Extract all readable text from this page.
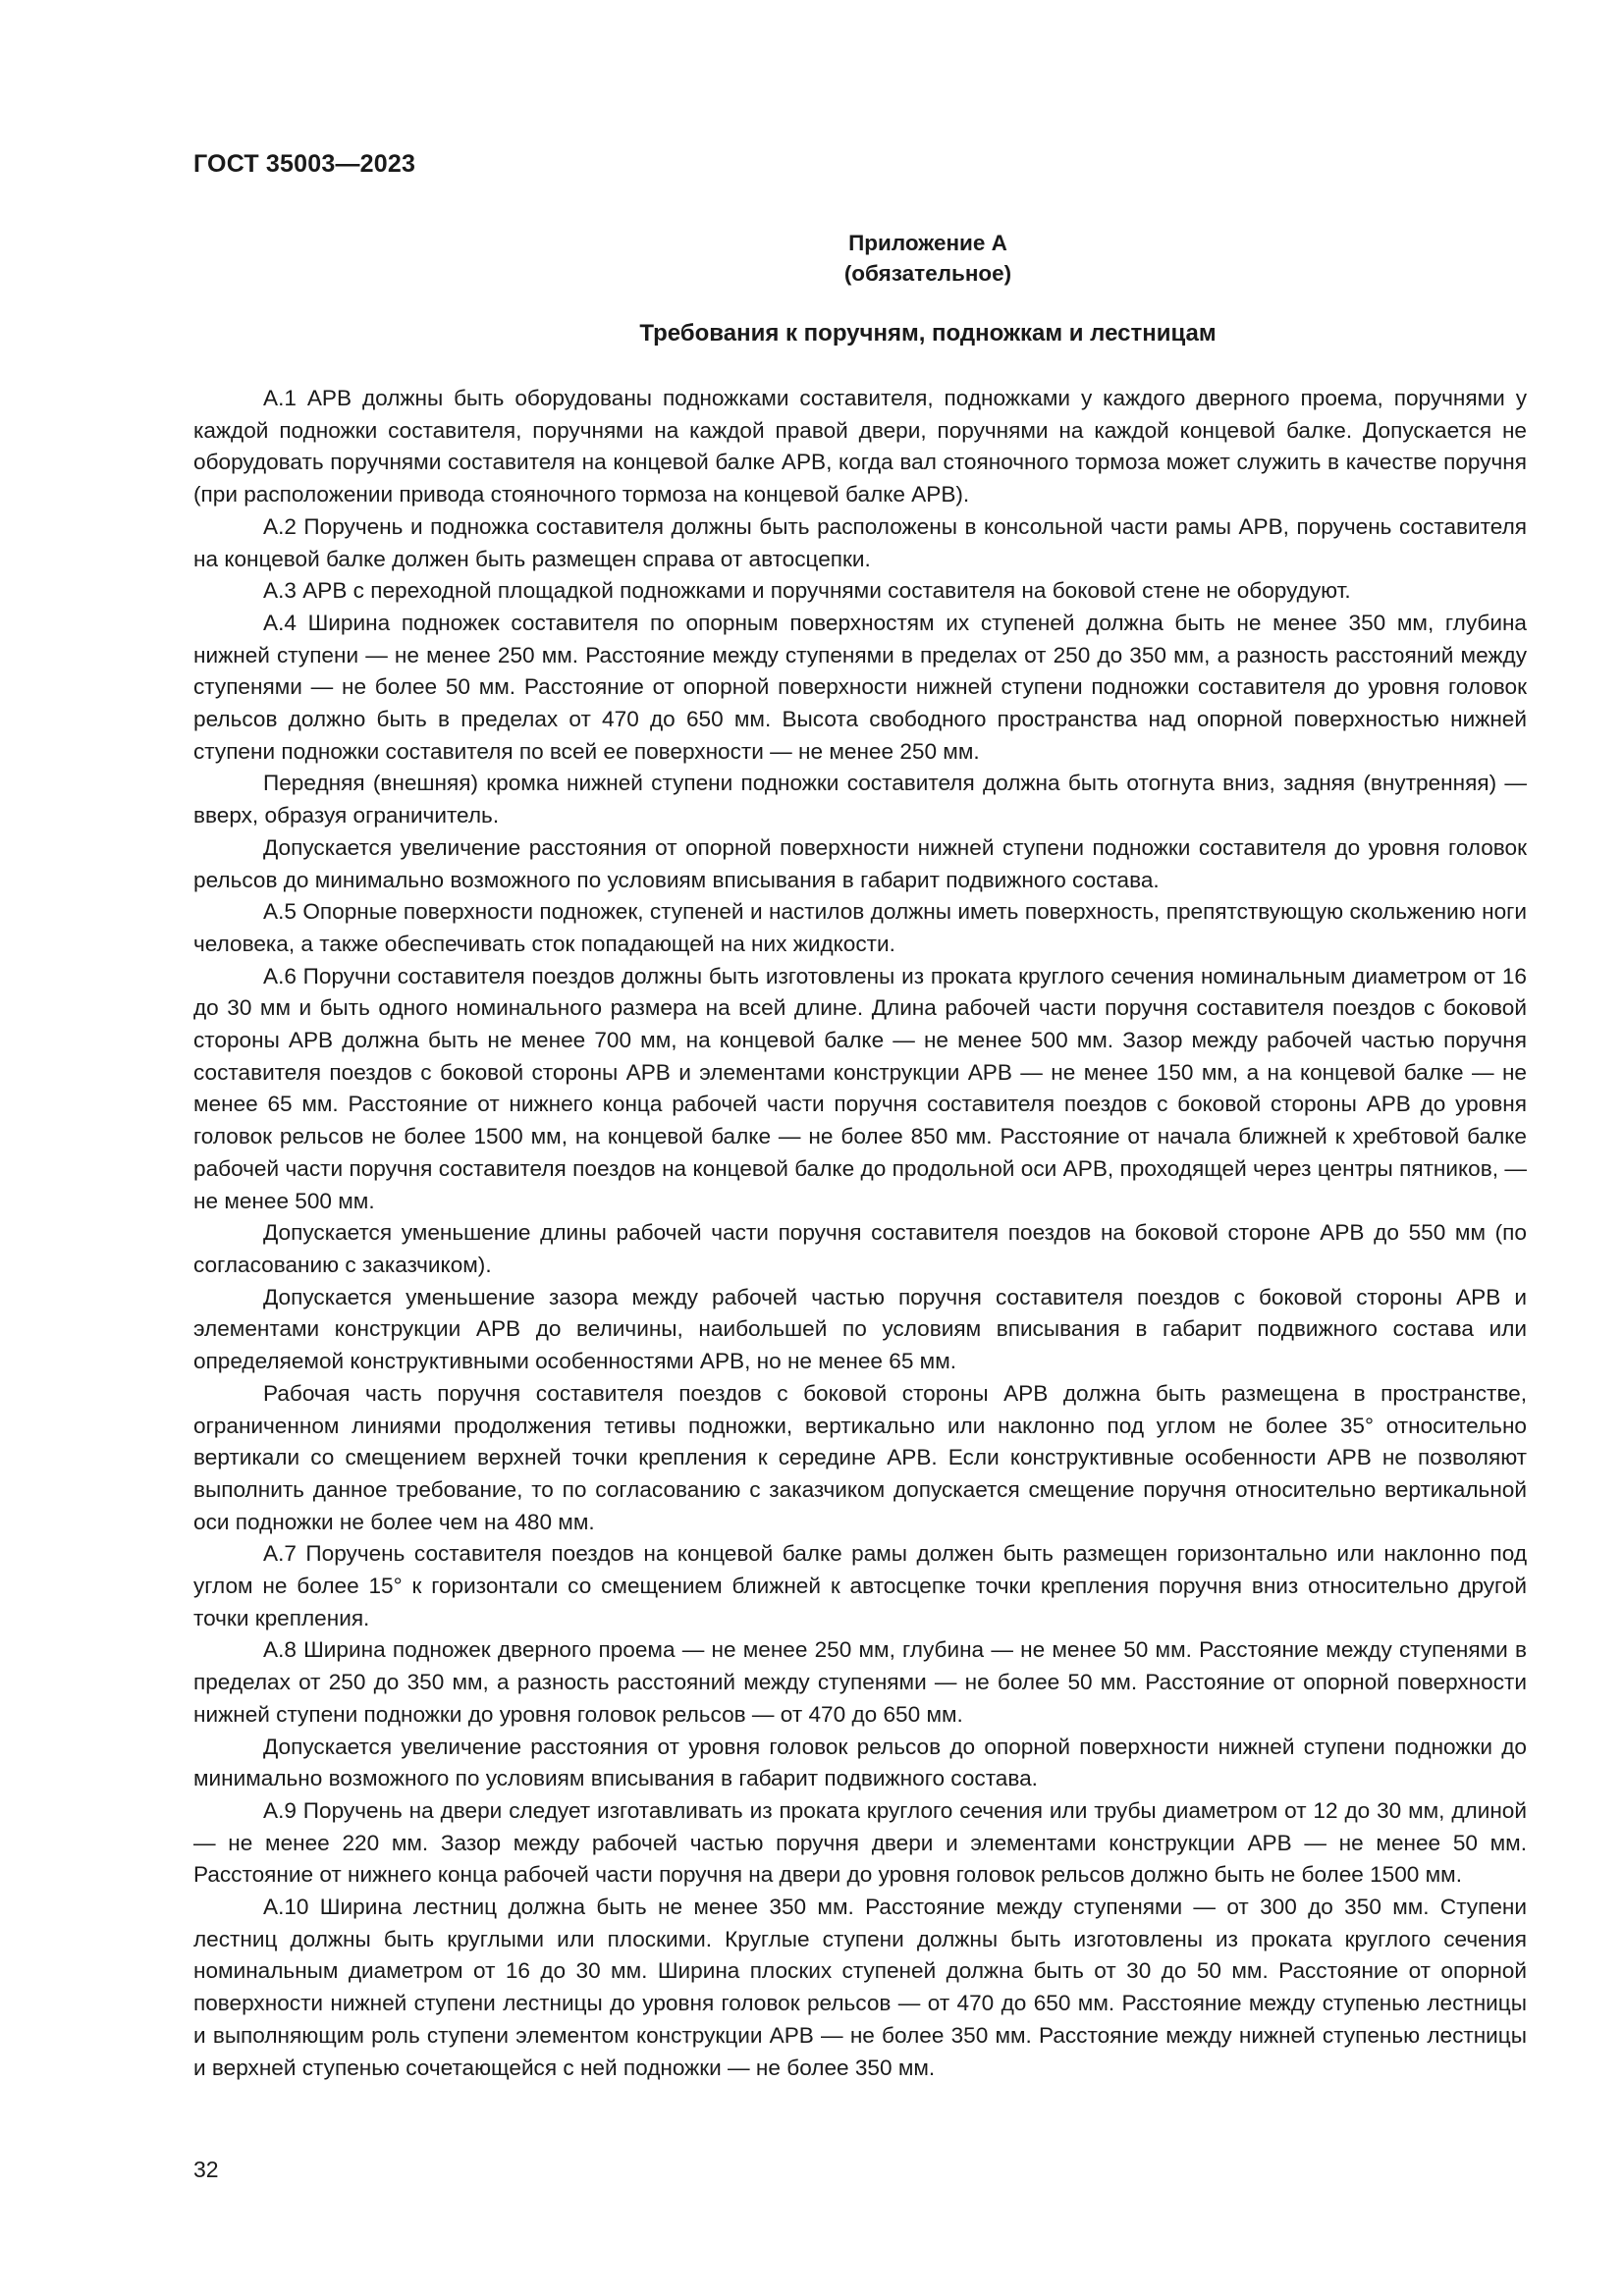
ГОСТ 35003—2023
Приложение А
(обязательное)
Требования к поручням, подножкам и лестницам

А.1 АРВ должны быть оборудованы подножками составителя, подножками у каждого дверного проема, поручнями у каждой подножки составителя, поручнями на каждой правой двери, поручнями на каждой концевой балке. Допускается не оборудовать поручнями составителя на концевой балке АРВ, когда вал стояночного тормоза может служить в качестве поручня (при расположении привода стояночного тормоза на концевой балке АРВ).

А.2 Поручень и подножка составителя должны быть расположены в консольной части рамы АРВ, поручень составителя на концевой балке должен быть размещен справа от автосцепки.

А.3 АРВ с переходной площадкой подножками и поручнями составителя на боковой стене не оборудуют.

А.4 Ширина подножек составителя по опорным поверхностям их ступеней должна быть не менее 350 мм, глубина нижней ступени — не менее 250 мм. Расстояние между ступенями в пределах от 250 до 350 мм, а разность расстояний между ступенями — не более 50 мм. Расстояние от опорной поверхности нижней ступени подножки составителя до уровня головок рельсов должно быть в пределах от 470 до 650 мм. Высота свободного пространства над опорной поверхностью нижней ступени подножки составителя по всей ее поверхности — не менее 250 мм.

Передняя (внешняя) кромка нижней ступени подножки составителя должна быть отогнута вниз, задняя (внутренняя) — вверх, образуя ограничитель.

Допускается увеличение расстояния от опорной поверхности нижней ступени подножки составителя до уровня головок рельсов до минимально возможного по условиям вписывания в габарит подвижного состава.

А.5 Опорные поверхности подножек, ступеней и настилов должны иметь поверхность, препятствующую скольжению ноги человека, а также обеспечивать сток попадающей на них жидкости.

А.6 Поручни составителя поездов должны быть изготовлены из проката круглого сечения номинальным диаметром от 16 до 30 мм и быть одного номинального размера на всей длине. Длина рабочей части поручня составителя поездов с боковой стороны АРВ должна быть не менее 700 мм, на концевой балке — не менее 500 мм. Зазор между рабочей частью поручня составителя поездов с боковой стороны АРВ и элементами конструкции АРВ — не менее 150 мм, а на концевой балке — не менее 65 мм. Расстояние от нижнего конца рабочей части поручня составителя поездов с боковой стороны АРВ до уровня головок рельсов не более 1500 мм, на концевой балке — не более 850 мм. Расстояние от начала ближней к хребтовой балке рабочей части поручня составителя поездов на концевой балке до продольной оси АРВ, проходящей через центры пятников, — не менее 500 мм.

Допускается уменьшение длины рабочей части поручня составителя поездов на боковой стороне АРВ до 550 мм (по согласованию с заказчиком).

Допускается уменьшение зазора между рабочей частью поручня составителя поездов с боковой стороны АРВ и элементами конструкции АРВ до величины, наибольшей по условиям вписывания в габарит подвижного состава или определяемой конструктивными особенностями АРВ, но не менее 65 мм.

Рабочая часть поручня составителя поездов с боковой стороны АРВ должна быть размещена в пространстве, ограниченном линиями продолжения тетивы подножки, вертикально или наклонно под углом не более 35° относительно вертикали со смещением верхней точки крепления к середине АРВ. Если конструктивные особенности АРВ не позволяют выполнить данное требование, то по согласованию с заказчиком допускается смещение поручня относительно вертикальной оси подножки не более чем на 480 мм.

А.7 Поручень составителя поездов на концевой балке рамы должен быть размещен горизонтально или наклонно под углом не более 15° к горизонтали со смещением ближней к автосцепке точки крепления поручня вниз относительно другой точки крепления.

А.8 Ширина подножек дверного проема — не менее 250 мм, глубина — не менее 50 мм. Расстояние между ступенями в пределах от 250 до 350 мм, а разность расстояний между ступенями — не более 50 мм. Расстояние от опорной поверхности нижней ступени подножки до уровня головок рельсов — от 470 до 650 мм.

Допускается увеличение расстояния от уровня головок рельсов до опорной поверхности нижней ступени подножки до минимально возможного по условиям вписывания в габарит подвижного состава.

А.9 Поручень на двери следует изготавливать из проката круглого сечения или трубы диаметром от 12 до 30 мм, длиной — не менее 220 мм. Зазор между рабочей частью поручня двери и элементами конструкции АРВ — не менее 50 мм. Расстояние от нижнего конца рабочей части поручня на двери до уровня головок рельсов должно быть не более 1500 мм.

А.10 Ширина лестниц должна быть не менее 350 мм. Расстояние между ступенями — от 300 до 350 мм. Ступени лестниц должны быть круглыми или плоскими. Круглые ступени должны быть изготовлены из проката круглого сечения номинальным диаметром от 16 до 30 мм. Ширина плоских ступеней должна быть от 30 до 50 мм. Расстояние от опорной поверхности нижней ступени лестницы до уровня головок рельсов — от 470 до 650 мм. Расстояние между ступенью лестницы и выполняющим роль ступени элементом конструкции АРВ — не более 350 мм. Расстояние между нижней ступенью лестницы и верхней ступенью сочетающейся с ней подножки — не более 350 мм.

32
